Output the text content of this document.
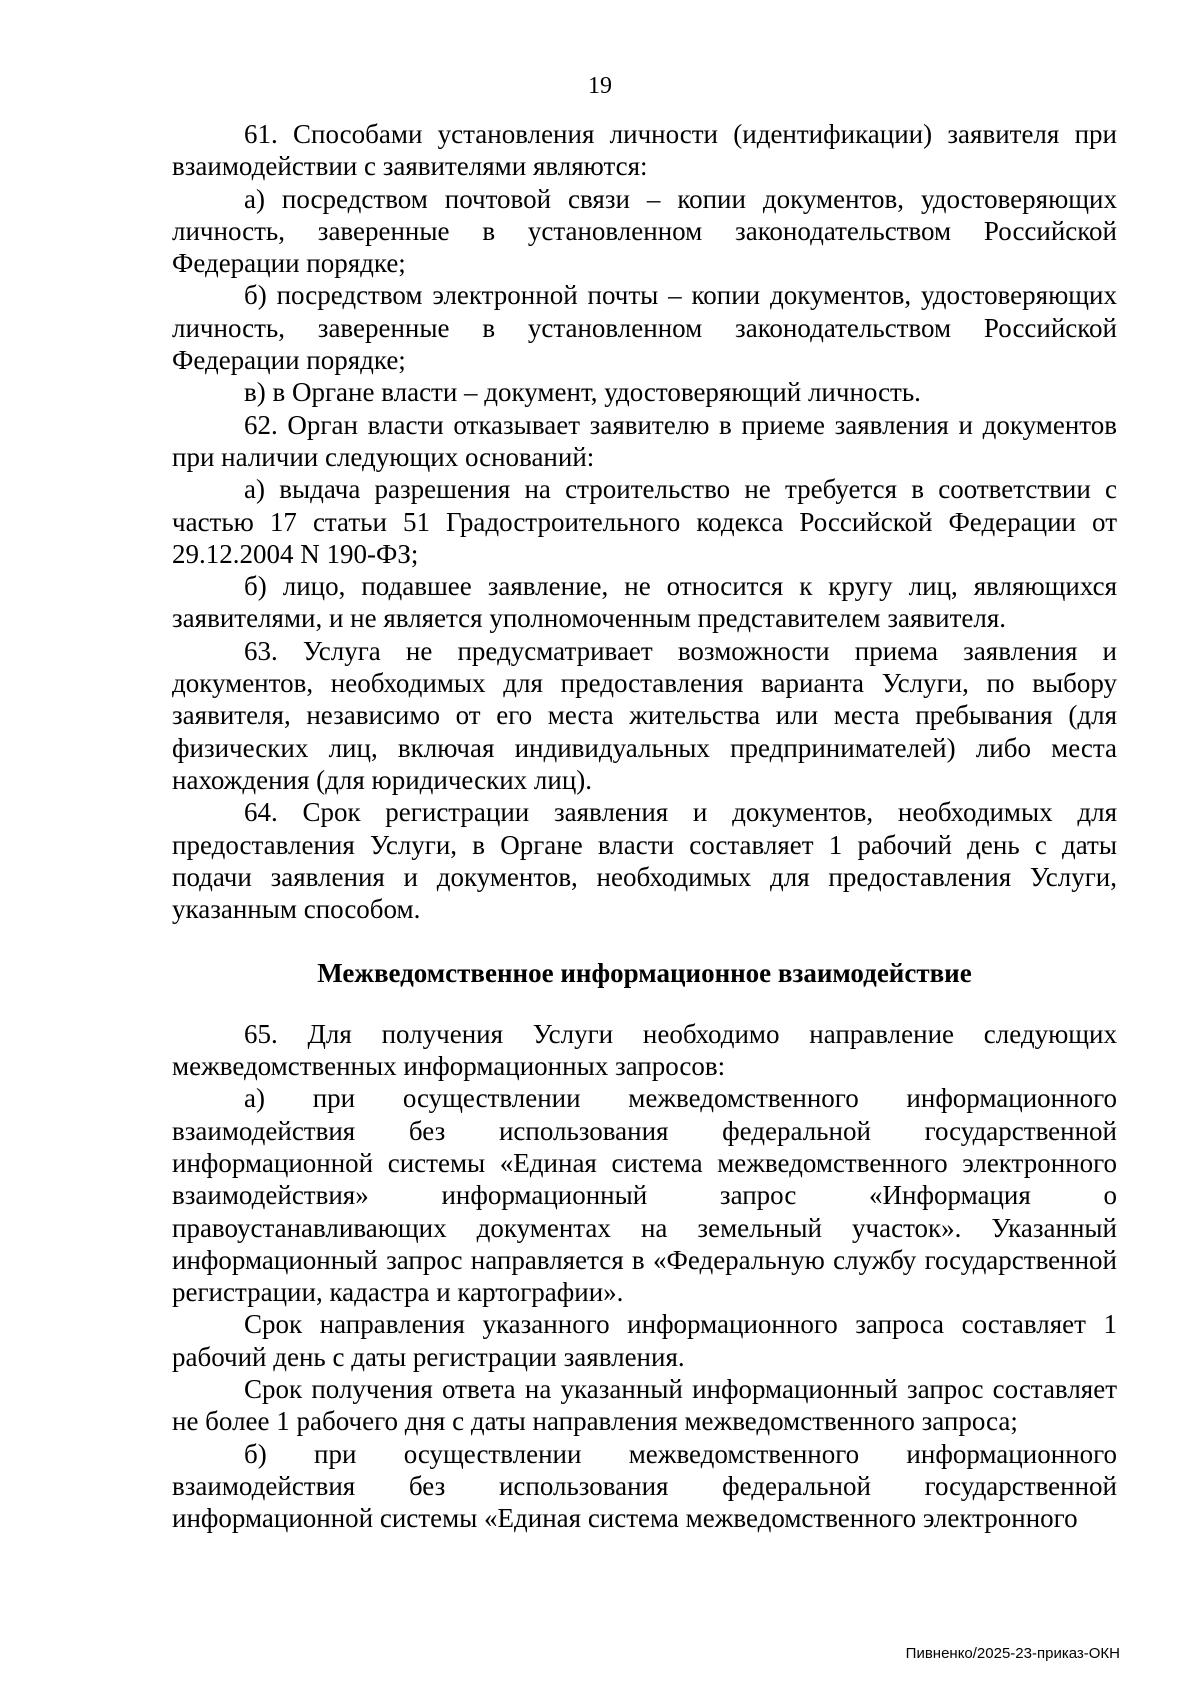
19

61. Способами установления личности (идентификации) заявителя при взаимодействии с заявителями являются:

а) посредством почтовой связи – копии документов, удостоверяющих личность, заверенные в установленном законодательством Российской Федерации порядке;

б) посредством электронной почты – копии документов, удостоверяющих личность, заверенные в установленном законодательством Российской Федерации порядке;

в) в Органе власти – документ, удостоверяющий личность.

62. Орган власти отказывает заявителю в приеме заявления и документов при наличии следующих оснований:

а) выдача разрешения на строительство не требуется в соответствии с частью 17 статьи 51 Градостроительного кодекса Российской Федерации от 29.12.2004 N 190-ФЗ;

б) лицо, подавшее заявление, не относится к кругу лиц, являющихся заявителями, и не является уполномоченным представителем заявителя.

63. Услуга не предусматривает возможности приема заявления и документов, необходимых для предоставления варианта Услуги, по выбору заявителя, независимо от его места жительства или места пребывания (для физических лиц, включая индивидуальных предпринимателей) либо места нахождения (для юридических лиц).

64. Срок регистрации заявления и документов, необходимых для предоставления Услуги, в Органе власти составляет 1 рабочий день с даты подачи заявления и документов, необходимых для предоставления Услуги, указанным способом.

Межведомственное информационное взаимодействие

65. Для получения Услуги необходимо направление следующих межведомственных информационных запросов:

а) при осуществлении межведомственного информационного взаимодействия без использования федеральной государственной информационной системы «Единая система межведомственного электронного взаимодействия» информационный запрос «Информация о правоустанавливающих документах на земельный участок». Указанный информационный запрос направляется в «Федеральную службу государственной регистрации, кадастра и картографии».

Срок направления указанного информационного запроса составляет 1 рабочий день с даты регистрации заявления.

Срок получения ответа на указанный информационный запрос составляет не более 1 рабочего дня с даты направления межведомственного запроса;

б) при осуществлении межведомственного информационного взаимодействия без использования федеральной государственной информационной системы «Единая система межведомственного электронного

Пивненко/2025-23-приказ-ОКН
